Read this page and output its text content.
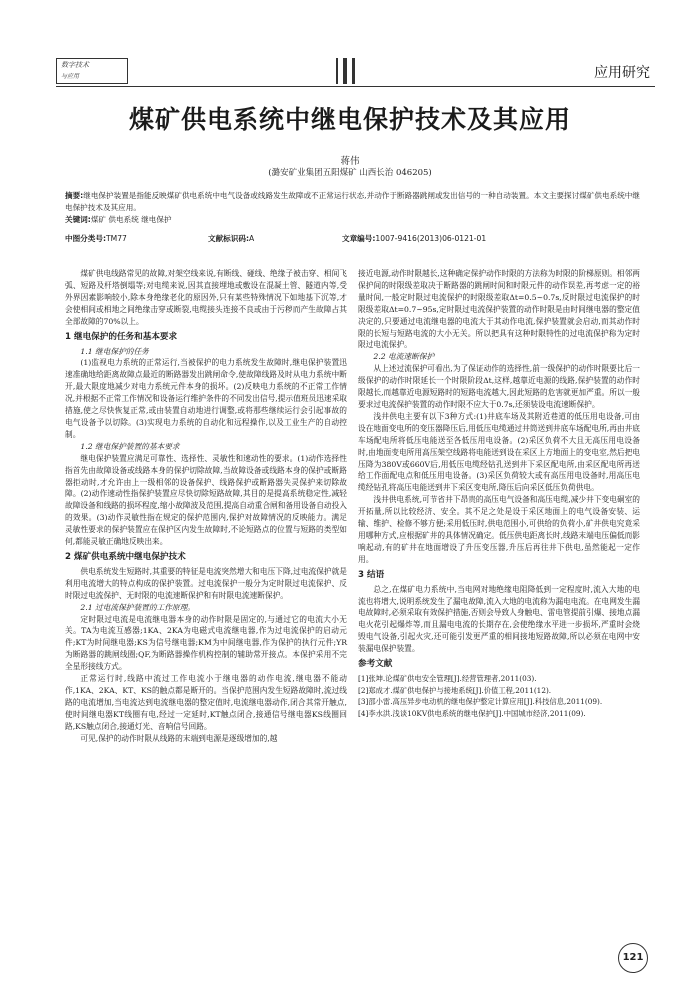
数字技术
与应用	应用研究
煤矿供电系统中继电保护技术及其应用
蒋伟
(潞安矿业集团五阳煤矿 山西长治 046205)
摘要:继电保护装置是指能反映煤矿供电系统中电气设备或线路发生故障或不正常运行状态,并动作于断路器跳闸或发出信号的一种自动装置。本文主要探讨煤矿供电系统中继电保护技术及其应用。
关键词:煤矿 供电系统 继电保护
中图分类号:TM77	文献标识码:A	文章编号:1007-9416(2013)06-0121-01

煤矿供电线路常见的故障,对架空线来说,有断线、碰线、绝缘子被击穿、相间飞弧、短路及杆塔倒塌等;对电缆来说,因其直接埋地或敷设在混凝土管、隧道内等,受外界因素影响较小,除本身绝缘老化的原因外,只有某些特殊情况下如地基下沉等,才会使相间或相地之间绝缘击穿或断裂,电缆接头连接不良或由于污秽而产生故障占其全部故障的70%以上。

1 继电保护的任务和基本要求
1.1 继电保护的任务

(1)监视电力系统的正常运行,当被保护的电力系统发生故障时,继电保护装置迅速准确地给距离故障点最近的断路器发出跳闸命令,使故障线路及时从电力系统中断开,最大限度地减少对电力系统元件本身的损坏。(2)反映电力系统的不正常工作情况,并根据不正常工作情况和设备运行维护条件的不同发出信号,提示值班员迅速采取措施,使之尽快恢复正常,或由装置自动地进行调整,或将那些继续运行会引起事故的电气设备予以切除。(3)实现电力系统的自动化和远程操作,以及工业生产的自动控制。

1.2 继电保护装置的基本要求

继电保护装置应满足可靠性、选择性、灵敏性和速动性的要求。(1)动作选择性指首先由故障设备或线路本身的保护切除故障,当故障设备或线路本身的保护或断路器拒动时,才允许由上一级相邻的设备保护、线路保护或断路器失灵保护来切除故障。(2)动作速动性指保护装置应尽快切除短路故障,其目的是提高系统稳定性,减轻故障设备和线路的损坏程度,缩小故障波及范围,提高自动重合闸和备用设备自动投入的效果。(3)动作灵敏性指在规定的保护范围内,保护对故障情况的反映能力。满足灵敏性要求的保护装置应在保护区内发生故障时,不论短路点的位置与短路的类型如何,都能灵敏正确地反映出来。

2 煤矿供电系统中继电保护技术

供电系统发生短路时,其重要的特征是电流突然增大和电压下降,过电流保护就是利用电流增大的特点构成的保护装置。过电流保护一般分为定时限过电流保护、反时限过电流保护、无时限的电流速断保护和有时限电流速断保护。

2.1 过电流保护装置的工作原理。

定时限过电流是电流继电器本身的动作时限是固定的,与通过它的电流大小无关。TA为电流互感器;1KA、2KA为电磁式电流继电器,作为过电流保护的启动元件;KT为时间继电器;KS为信号继电器;KM为中间继电器,作为保护的执行元件;YR为断路器的跳闸线圈;QF,为断路器操作机构控制的辅助常开接点。本保护采用不完全星形接线方式。

正常运行时,线路中流过工作电流小于继电器的动作电流,继电器不能动作,1KA、2KA、KT、KS的触点都是断开的。当保护范围内发生短路故障时,流过线路的电流增加,当电流达到电流继电器的整定值时,电流继电器动作,闭合其常开触点,使时间继电器KT线圈有电,经过一定延时,KT触点闭合,接通信号继电器KS线圈回路,KS触点闭合,接通灯光、音响信号回路。

可见,保护的动作时限从线路的末端到电源是逐级增加的,越

接近电源,动作时限越长,这种确定保护动作时限的方法称为时限的阶梯原则。相邻两保护间的时限级差取决于断路器的跳闸时间和时限元件的动作误差,再考虑一定的裕量时间,一般定时限过电流保护的时限级差取Δt=0.5~0.7s,反时限过电流保护的时限级差取Δt=0.7~95s,定时限过电流保护装置的动作时限是由时间继电器的整定值决定的,只要通过电流继电器的电流大于其动作电流,保护装置就会启动,而其动作时限的长短与短路电流的大小无关。所以把具有这种时限特性的过电流保护称为定时限过电流保护。

2.2 电流速断保护

从上述过流保护可看出,为了保证动作的选择性,前一级保护的动作时限要比后一级保护的动作时限延长一个时限阶段Δt,这样,越靠近电源的线路,保护装置的动作时限越长,而越靠近电源短路时的短路电流越大,因此短路的危害就更加严重。所以一般要求过电流保护装置的动作时限不应大于0.7s,还须装设电流速断保护。

浅井供电主要有以下3种方式:(1)井底车场及其附近巷道的低压用电设备,可由设在地面变电所的变压器降压后,用低压电缆通过井筒送到井底车场配电所,再由井底车场配电所将低压电能送至各低压用电设备。(2)采区负荷不大且无高压用电设备时,由地面变电所用高压架空线路将电能送到设在采区上方地面上的变电室,然后把电压降为380V或660V后,用低压电缆经钻孔送到井下采区配电所,由采区配电所再送给工作面配电点和低压用电设备。(3)采区负荷较大或有高压用电设备时,用高压电缆经钻孔将高压电能送到井下采区变电所,降压后向采区低压负荷供电。

浅井供电系统,可节省井下昂贵的高压电气设备和高压电缆,减少井下变电硐室的开拓量,所以比较经济、安全。其不足之处是设于采区地面上的电气设备安装、运输、维护、检修不够方便;采用低压时,供电范围小,可供给的负荷小,矿井供电究竟采用哪种方式,应根据矿井的具体情况确定。低压供电距离长时,线路末端电压偏低而影响起动,有的矿井在地面增设了升压变压器,升压后再往井下供电,虽然能起一定作用。

3 结语

总之,在煤矿电力系统中,当电网对地绝缘电阻降低到一定程度时,流入大地的电流也将增大,说明系统发生了漏电故障,流入大地的电流称为漏电电流。在电网发生漏电故障时,必须采取有效保护措施,否则会导致人身触电、雷电管提前引爆、接地点漏电火花引起爆炸等,而且漏电电流的长期存在,会使绝缘水平进一步损坏,严重时会烧毁电气设备,引起火灾,还可能引发更严重的相间接地短路故障,所以必须在电网中安装漏电保护装置。

参考文献
[1]张坤.论煤矿供电安全管理[J].经营管理者,2011(03).
[2]郑成才.煤矿供电保护与接地系统[J].价值工程,2011(12).
[3]邵小雷.高压异步电动机的继电保护整定计算应用[J].科技信息,2011(09).
[4]李水洪.浅谈10KV供电系统的继电保护[J].中国城市经济,2011(09).
121
